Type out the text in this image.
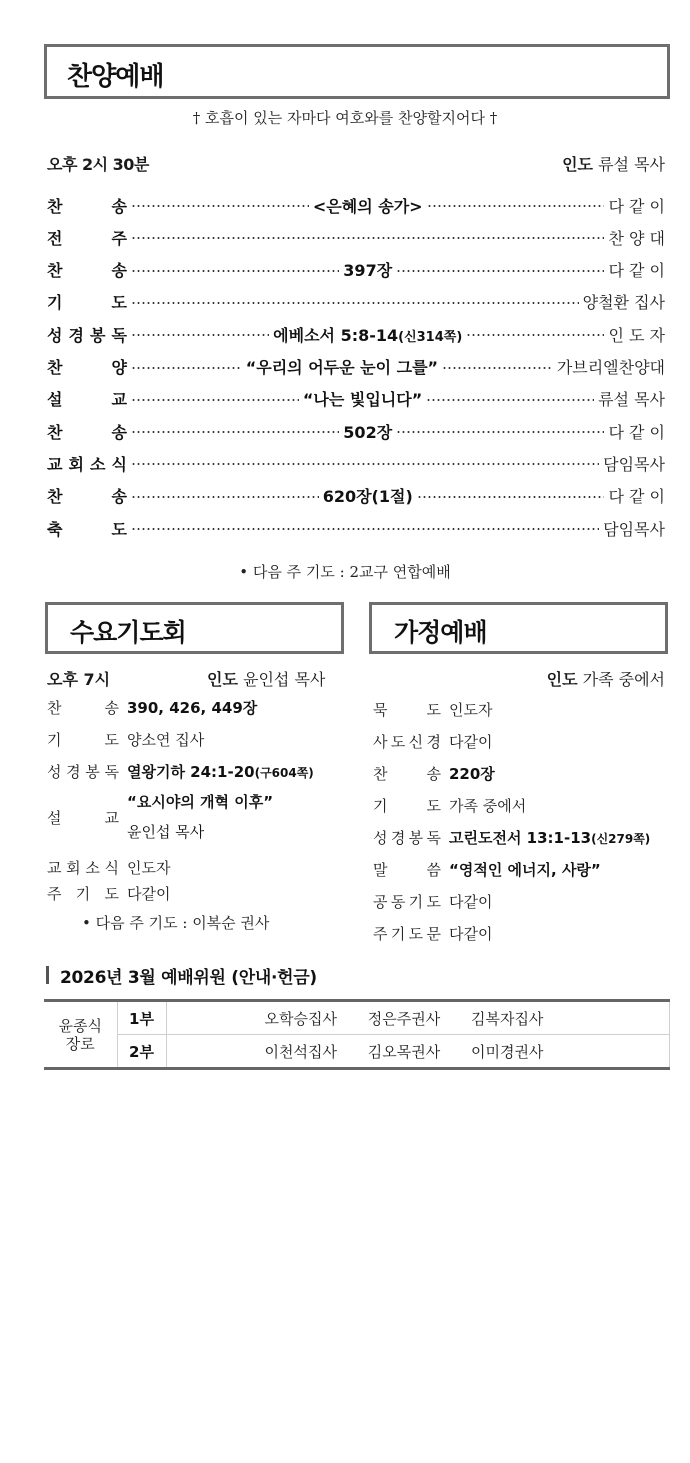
찬양예배
† 호흡이 있는 자마다 여호와를 찬양할지어다 †
오후 2시 30분	인도 류설 목사
찬	송	<은혜의 송가>	다 같 이
전	주	찬 양 대
찬	송	397장	다 같 이
기	도	양철환 집사
성 경 봉 독	에베소서 5:8-14(신314쪽)	인 도 자
찬	양	“우리의 어두운 눈이 그를”	가브리엘찬양대
설	교	“나는 빛입니다”	류설 목사
찬	송	502장	다 같 이
교 회 소 식	담임목사
찬	송	620장(1절)	다 같 이
축	도	담임목사
• 다음 주 기도 : 2교구 연합예배
수요기도회
오후 7시	인도 윤인섭 목사
찬	송 390, 426, 449장
기	도 양소연 집사
성 경 봉 독 열왕기하 24:1-20(구604쪽)
설	교
“요시야의 개혁 이후”
윤인섭 목사
교 회 소 식 인도자
주 기 도 다같이
• 다음 주 기도 : 이복순 권사
가정예배
인도 가족 중에서
묵	도 인도자
사 도 신 경 다같이
찬	송 220장
기	도 가족 중에서
성 경 봉 독 고린도전서 13:1-13(신279쪽)
말	씀 “영적인 에너지, 사랑”
공 동 기 도 다같이
주 기 도 문 다같이
2026년 3월 예배위원 (안내·헌금)
윤종식
장로	1부	오학승집사 정은주권사 김복자집사
	2부	이천석집사 김오목권사 이미경권사
